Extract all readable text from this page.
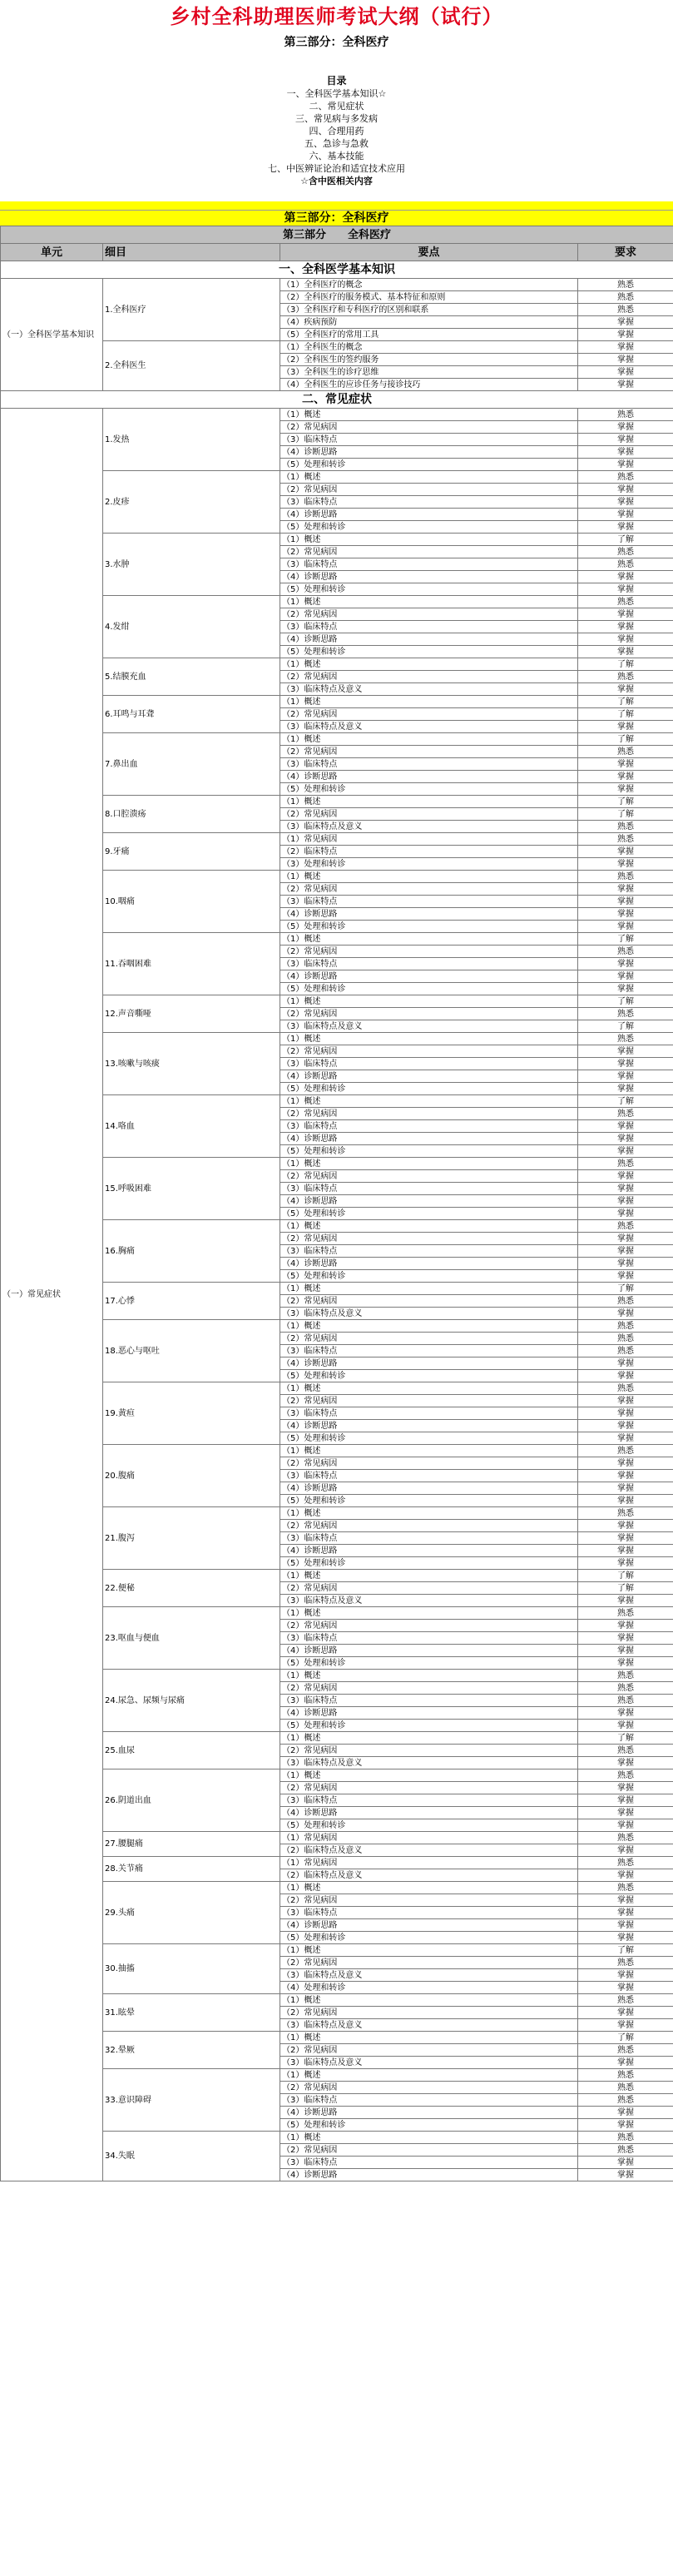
乡村全科助理医师考试大纲（试行）
第三部分：全科医疗
目录
一、全科医学基本知识☆
二、常见症状
三、常见病与多发病
四、合理用药
五、急诊与急救
六、基本技能
七、中医辨证论治和适宜技术应用
☆含中医相关内容
第三部分：全科医疗
第三部分　　全科医疗			
单元	细目	要点	要求
一、全科医学基本知识			
（一）全科医学基本知识	1.全科医疗	（1）全科医疗的概念	熟悉
		（2）全科医疗的服务模式、基本特征和原则	熟悉
		（3）全科医疗和专科医疗的区别和联系	熟悉
		（4）疾病预防	掌握
		（5）全科医疗的常用工具	掌握
	2.全科医生	（1）全科医生的概念	掌握
		（2）全科医生的签约服务	掌握
		（3）全科医生的诊疗思维	掌握
		（4）全科医生的应诊任务与接诊技巧	掌握
二、常见症状			
（一）常见症状	1.发热	（1）概述	熟悉
		（2）常见病因	掌握
		（3）临床特点	掌握
		（4）诊断思路	掌握
		（5）处理和转诊	掌握
	2.皮疹	（1）概述	熟悉
		（2）常见病因	掌握
		（3）临床特点	掌握
		（4）诊断思路	掌握
		（5）处理和转诊	掌握
	3.水肿	（1）概述	了解
		（2）常见病因	熟悉
		（3）临床特点	熟悉
		（4）诊断思路	掌握
		（5）处理和转诊	掌握
	4.发绀	（1）概述	熟悉
		（2）常见病因	掌握
		（3）临床特点	掌握
		（4）诊断思路	掌握
		（5）处理和转诊	掌握
	5.结膜充血	（1）概述	了解
		（2）常见病因	熟悉
		（3）临床特点及意义	掌握
	6.耳鸣与耳聋	（1）概述	了解
		（2）常见病因	了解
		（3）临床特点及意义	掌握
	7.鼻出血	（1）概述	了解
		（2）常见病因	熟悉
		（3）临床特点	掌握
		（4）诊断思路	掌握
		（5）处理和转诊	掌握
	8.口腔溃疡	（1）概述	了解
		（2）常见病因	了解
		（3）临床特点及意义	熟悉
	9.牙痛	（1）常见病因	熟悉
		（2）临床特点	掌握
		（3）处理和转诊	掌握
	10.咽痛	（1）概述	熟悉
		（2）常见病因	掌握
		（3）临床特点	掌握
		（4）诊断思路	掌握
		（5）处理和转诊	掌握
	11.吞咽困难	（1）概述	了解
		（2）常见病因	熟悉
		（3）临床特点	掌握
		（4）诊断思路	掌握
		（5）处理和转诊	掌握
	12.声音嘶哑	（1）概述	了解
		（2）常见病因	熟悉
		（3）临床特点及意义	了解
	13.咳嗽与咳痰	（1）概述	熟悉
		（2）常见病因	掌握
		（3）临床特点	掌握
		（4）诊断思路	掌握
		（5）处理和转诊	掌握
	14.咯血	（1）概述	了解
		（2）常见病因	熟悉
		（3）临床特点	掌握
		（4）诊断思路	掌握
		（5）处理和转诊	掌握
	15.呼吸困难	（1）概述	熟悉
		（2）常见病因	掌握
		（3）临床特点	掌握
		（4）诊断思路	掌握
		（5）处理和转诊	掌握
	16.胸痛	（1）概述	熟悉
		（2）常见病因	掌握
		（3）临床特点	掌握
		（4）诊断思路	掌握
		（5）处理和转诊	掌握
	17.心悸	（1）概述	了解
		（2）常见病因	熟悉
		（3）临床特点及意义	掌握
	18.恶心与呕吐	（1）概述	熟悉
		（2）常见病因	熟悉
		（3）临床特点	熟悉
		（4）诊断思路	掌握
		（5）处理和转诊	掌握
	19.黄疸	（1）概述	熟悉
		（2）常见病因	掌握
		（3）临床特点	掌握
		（4）诊断思路	掌握
		（5）处理和转诊	掌握
	20.腹痛	（1）概述	熟悉
		（2）常见病因	掌握
		（3）临床特点	掌握
		（4）诊断思路	掌握
		（5）处理和转诊	掌握
	21.腹泻	（1）概述	熟悉
		（2）常见病因	掌握
		（3）临床特点	掌握
		（4）诊断思路	掌握
		（5）处理和转诊	掌握
	22.便秘	（1）概述	了解
		（2）常见病因	了解
		（3）临床特点及意义	掌握
	23.呕血与便血	（1）概述	熟悉
		（2）常见病因	掌握
		（3）临床特点	掌握
		（4）诊断思路	掌握
		（5）处理和转诊	掌握
	24.尿急、尿频与尿痛	（1）概述	熟悉
		（2）常见病因	熟悉
		（3）临床特点	熟悉
		（4）诊断思路	掌握
		（5）处理和转诊	掌握
	25.血尿	（1）概述	了解
		（2）常见病因	熟悉
		（3）临床特点及意义	掌握
	26.阴道出血	（1）概述	熟悉
		（2）常见病因	掌握
		（3）临床特点	掌握
		（4）诊断思路	掌握
		（5）处理和转诊	掌握
	27.腰腿痛	（1）常见病因	熟悉
		（2）临床特点及意义	掌握
	28.关节痛	（1）常见病因	熟悉
		（2）临床特点及意义	掌握
	29.头痛	（1）概述	熟悉
		（2）常见病因	掌握
		（3）临床特点	掌握
		（4）诊断思路	掌握
		（5）处理和转诊	掌握
	30.抽搐	（1）概述	了解
		（2）常见病因	熟悉
		（3）临床特点及意义	掌握
		（4）处理和转诊	掌握
	31.眩晕	（1）概述	熟悉
		（2）常见病因	掌握
		（3）临床特点及意义	掌握
	32.晕厥	（1）概述	了解
		（2）常见病因	熟悉
		（3）临床特点及意义	掌握
	33.意识障碍	（1）概述	熟悉
		（2）常见病因	熟悉
		（3）临床特点	熟悉
		（4）诊断思路	掌握
		（5）处理和转诊	掌握
	34.失眠	（1）概述	熟悉
		（2）常见病因	熟悉
		（3）临床特点	掌握
		（4）诊断思路	掌握
